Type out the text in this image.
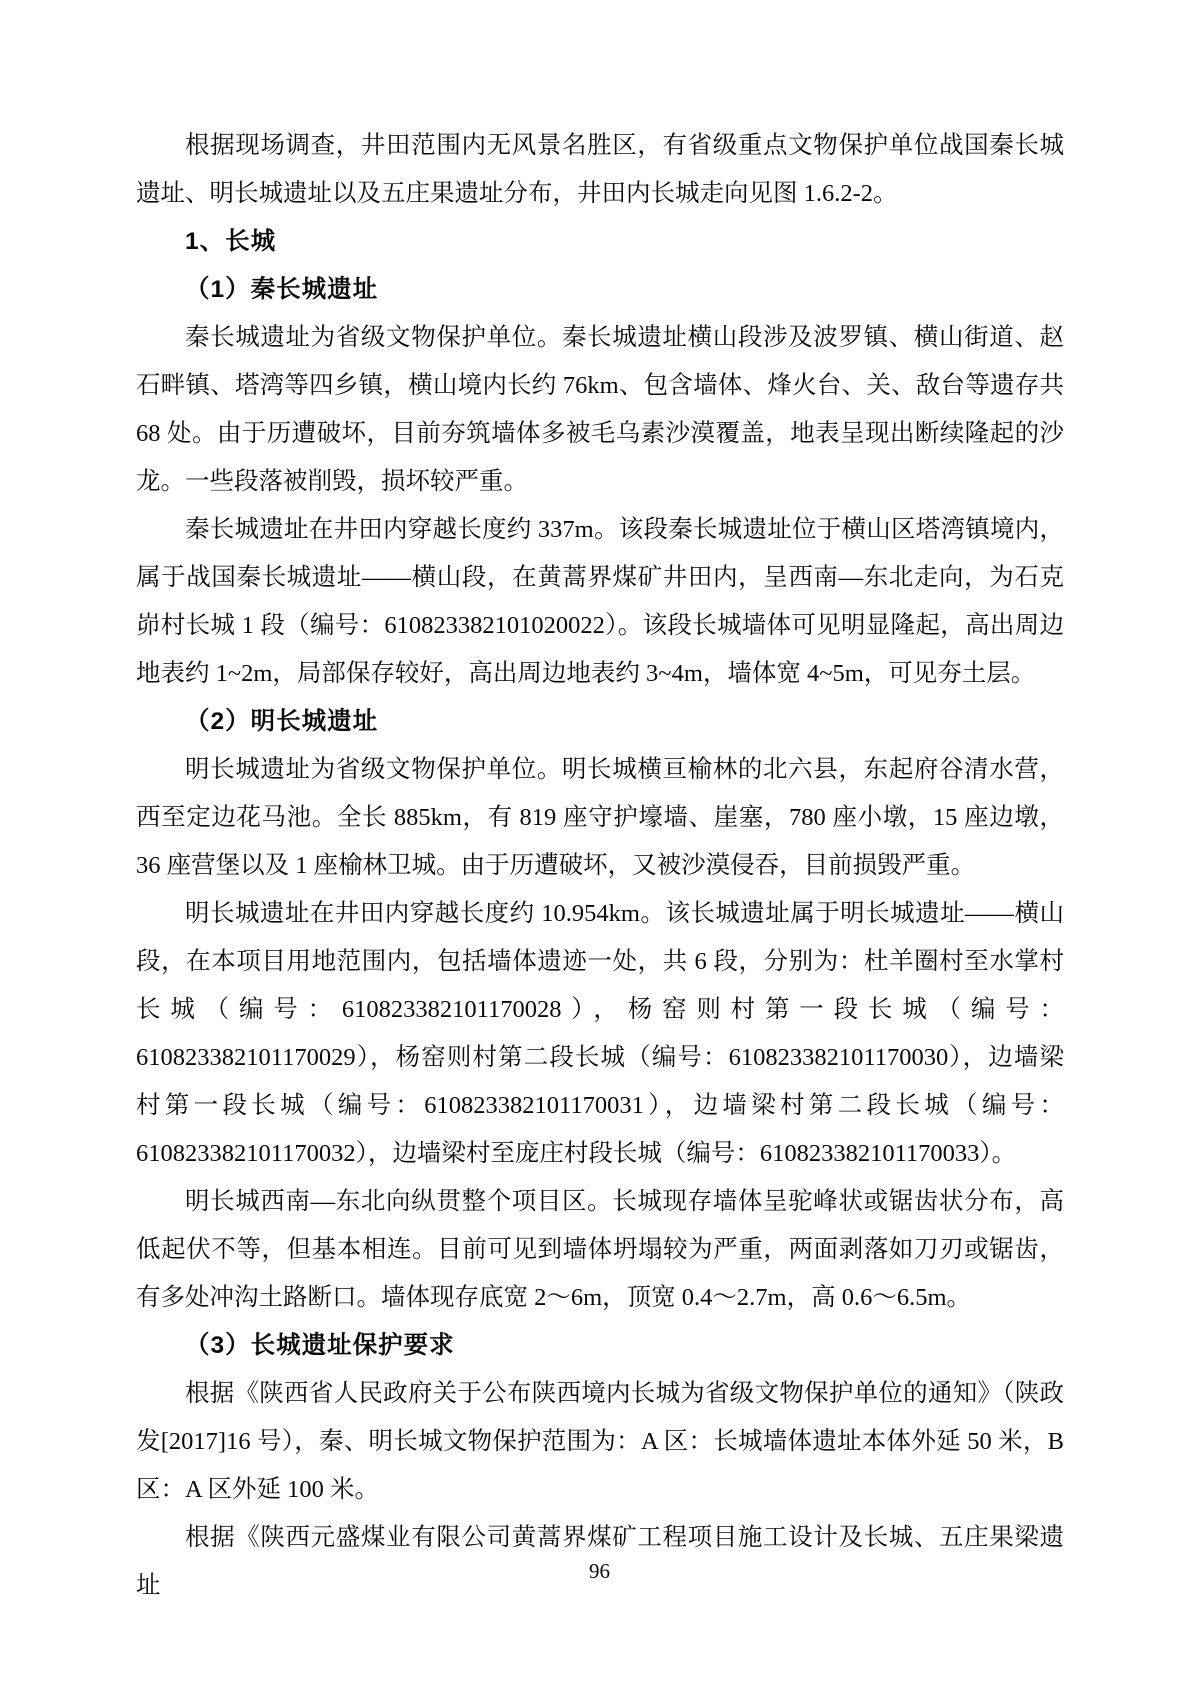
根据现场调查，井田范围内无风景名胜区，有省级重点文物保护单位战国秦长城遗址、明长城遗址以及五庄果遗址分布，井田内长城走向见图 1.6.2-2。

1、长城

（1）秦长城遗址

秦长城遗址为省级文物保护单位。秦长城遗址横山段涉及波罗镇、横山街道、赵石畔镇、塔湾等四乡镇，横山境内长约 76km、包含墙体、烽火台、关、敌台等遗存共 68 处。由于历遭破坏，目前夯筑墙体多被毛乌素沙漠覆盖，地表呈现出断续隆起的沙龙。一些段落被削毁，损坏较严重。

秦长城遗址在井田内穿越长度约 337m。该段秦长城遗址位于横山区塔湾镇境内，属于战国秦长城遗址——横山段，在黄蒿界煤矿井田内，呈西南—东北走向，为石克峁村长城 1 段（编号：610823382101020022）。该段长城墙体可见明显隆起，高出周边地表约 1~2m，局部保存较好，高出周边地表约 3~4m，墙体宽 4~5m，可见夯土层。

（2）明长城遗址

明长城遗址为省级文物保护单位。明长城横亘榆林的北六县，东起府谷清水营，西至定边花马池。全长 885km，有 819 座守护壕墙、崖塞，780 座小墩，15 座边墩，36 座营堡以及 1 座榆林卫城。由于历遭破坏，又被沙漠侵吞，目前损毁严重。

明长城遗址在井田内穿越长度约 10.954km。该长城遗址属于明长城遗址——横山段，在本项目用地范围内，包括墙体遗迹一处，共 6 段，分别为：杜羊圈村至水掌村长城（编号：610823382101170028），杨窑则村第一段长城（编号：610823382101170029），杨窑则村第二段长城（编号：610823382101170030），边墙梁村第一段长城（编号：610823382101170031），边墙梁村第二段长城（编号：610823382101170032），边墙梁村至庞庄村段长城（编号：610823382101170033）。

明长城西南—东北向纵贯整个项目区。长城现存墙体呈驼峰状或锯齿状分布，高低起伏不等，但基本相连。目前可见到墙体坍塌较为严重，两面剥落如刀刃或锯齿，有多处冲沟土路断口。墙体现存底宽 2～6m，顶宽 0.4～2.7m，高 0.6～6.5m。

（3）长城遗址保护要求

根据《陕西省人民政府关于公布陕西境内长城为省级文物保护单位的通知》（陕政发[2017]16 号），秦、明长城文物保护范围为：A 区：长城墙体遗址本体外延 50 米，B 区：A 区外延 100 米。

根据《陕西元盛煤业有限公司黄蒿界煤矿工程项目施工设计及长城、五庄果梁遗址

96
